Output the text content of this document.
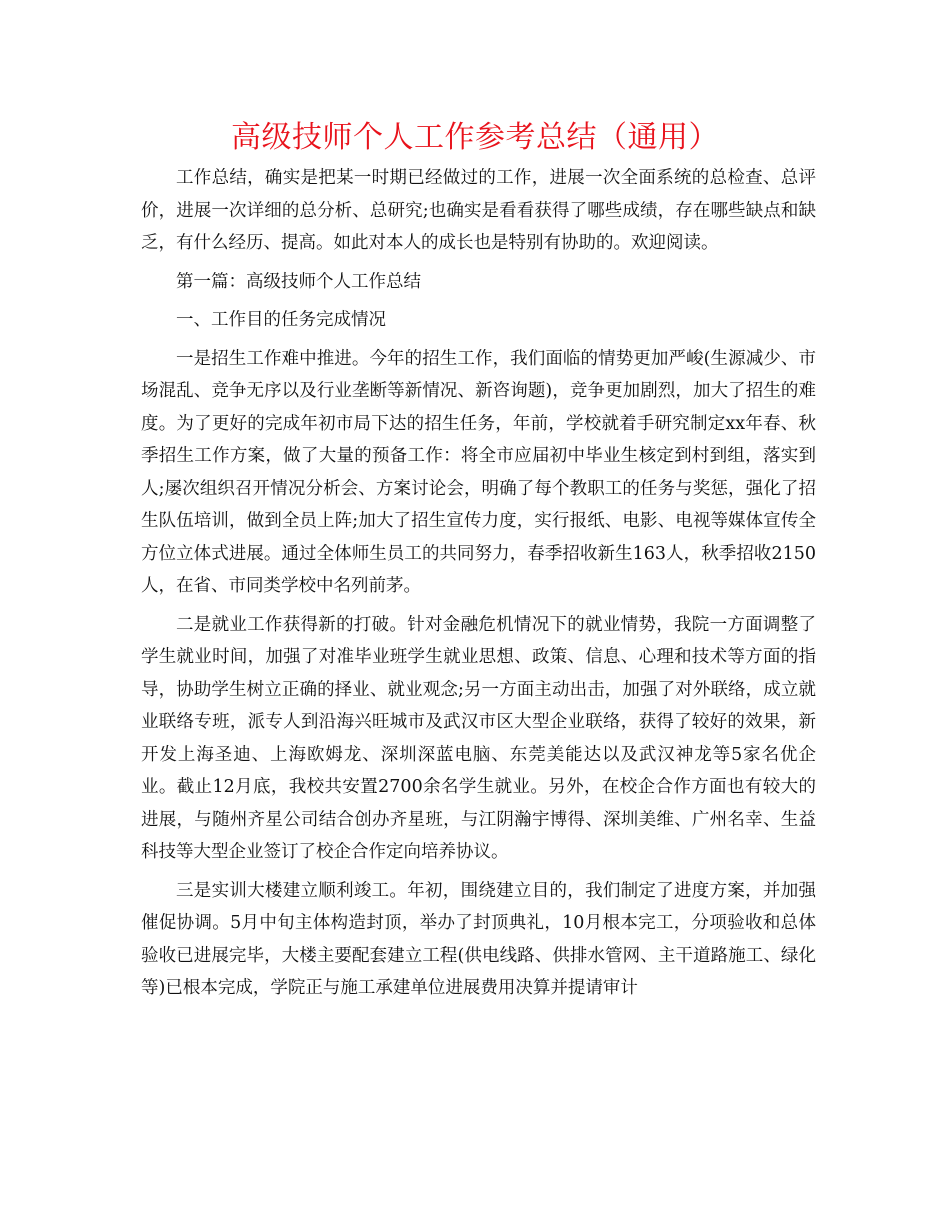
高级技师个人工作参考总结（通用）

工作总结，确实是把某一时期已经做过的工作，进展一次全面系统的总检查、总评价，进展一次详细的总分析、总研究;也确实是看看获得了哪些成绩，存在哪些缺点和缺乏，有什么经历、提高。如此对本人的成长也是特别有协助的。欢迎阅读。

第一篇：高级技师个人工作总结

一、工作目的任务完成情况

一是招生工作难中推进。今年的招生工作，我们面临的情势更加严峻(生源减少、市场混乱、竞争无序以及行业垄断等新情况、新咨询题)，竞争更加剧烈，加大了招生的难度。为了更好的完成年初市局下达的招生任务，年前，学校就着手研究制定xx年春、秋季招生工作方案，做了大量的预备工作：将全市应届初中毕业生核定到村到组，落实到人;屡次组织召开情况分析会、方案讨论会，明确了每个教职工的任务与奖惩，强化了招生队伍培训，做到全员上阵;加大了招生宣传力度，实行报纸、电影、电视等媒体宣传全方位立体式进展。通过全体师生员工的共同努力，春季招收新生163人，秋季招收2150人，在省、市同类学校中名列前茅。

二是就业工作获得新的打破。针对金融危机情况下的就业情势，我院一方面调整了学生就业时间，加强了对准毕业班学生就业思想、政策、信息、心理和技术等方面的指导，协助学生树立正确的择业、就业观念;另一方面主动出击，加强了对外联络，成立就业联络专班，派专人到沿海兴旺城市及武汉市区大型企业联络，获得了较好的效果，新开发上海圣迪、上海欧姆龙、深圳深蓝电脑、东莞美能达以及武汉神龙等5家名优企业。截止12月底，我校共安置2700余名学生就业。另外，在校企合作方面也有较大的进展，与随州齐星公司结合创办齐星班，与江阴瀚宇博得、深圳美维、广州名幸、生益科技等大型企业签订了校企合作定向培养协议。

三是实训大楼建立顺利竣工。年初，围绕建立目的，我们制定了进度方案，并加强催促协调。5月中旬主体构造封顶，举办了封顶典礼，10月根本完工，分项验收和总体验收已进展完毕，大楼主要配套建立工程(供电线路、供排水管网、主干道路施工、绿化等)已根本完成，学院正与施工承建单位进展费用决算并提请审计
